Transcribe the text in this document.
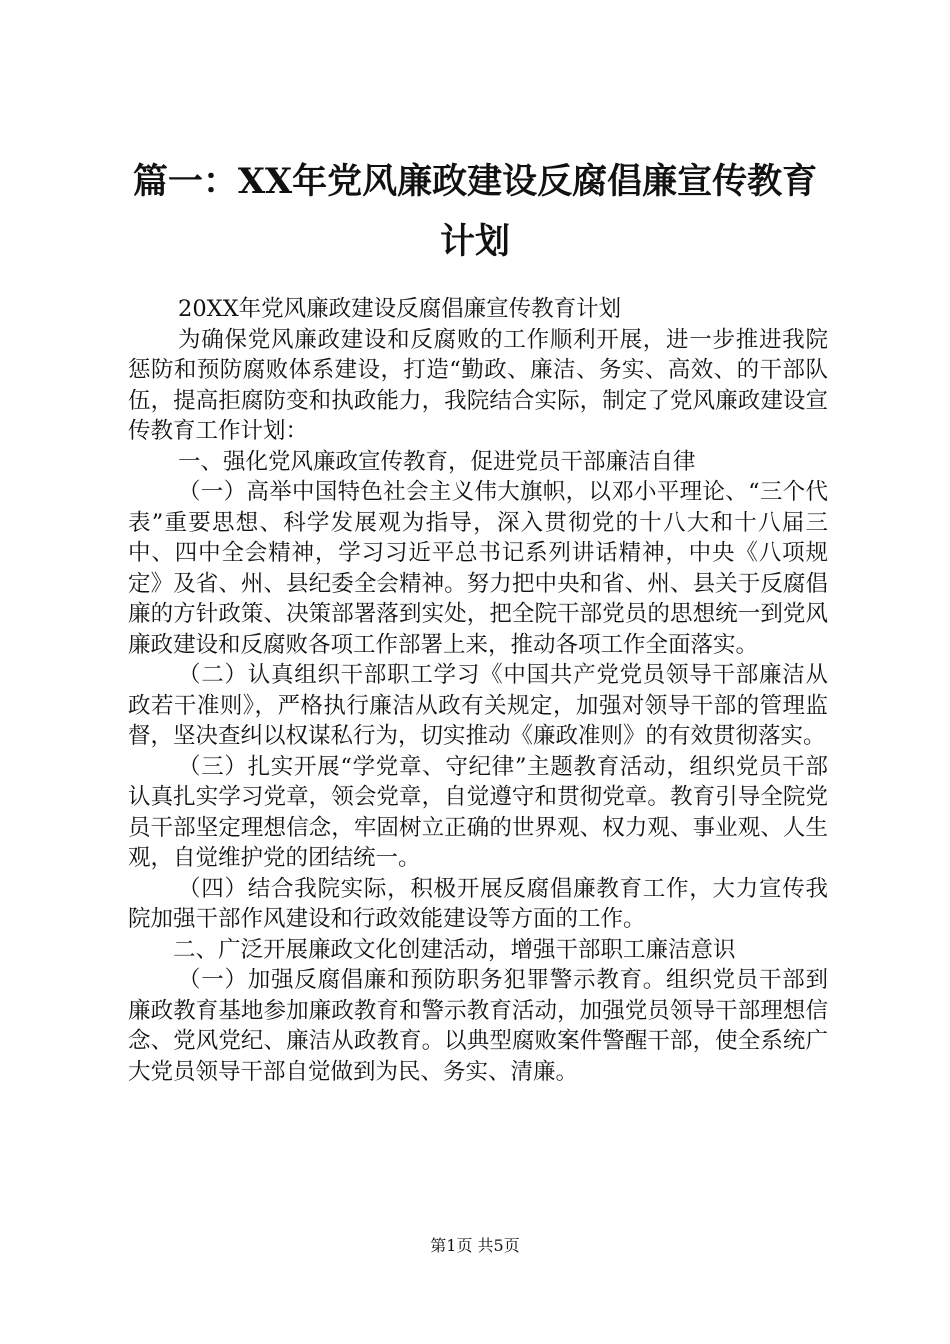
篇一：XX年党风廉政建设反腐倡廉宣传教育
计划

20XX年党风廉政建设反腐倡廉宣传教育计划

为确保党风廉政建设和反腐败的工作顺利开展，进一步推进我院惩防和预防腐败体系建设，打造“勤政、廉洁、务实、高效、的干部队伍，提高拒腐防变和执政能力，我院结合实际，制定了党风廉政建设宣传教育工作计划：

一、强化党风廉政宣传教育，促进党员干部廉洁自律

（一）高举中国特色社会主义伟大旗帜，以邓小平理论、“三个代表”重要思想、科学发展观为指导，深入贯彻党的十八大和十八届三中、四中全会精神，学习习近平总书记系列讲话精神，中央《八项规定》及省、州、县纪委全会精神。努力把中央和省、州、县关于反腐倡廉的方针政策、决策部署落到实处，把全院干部党员的思想统一到党风廉政建设和反腐败各项工作部署上来，推动各项工作全面落实。

（二）认真组织干部职工学习《中国共产党党员领导干部廉洁从政若干准则》，严格执行廉洁从政有关规定，加强对领导干部的管理监督，坚决查纠以权谋私行为，切实推动《廉政准则》的有效贯彻落实。

（三）扎实开展“学党章、守纪律”主题教育活动，组织党员干部认真扎实学习党章，领会党章，自觉遵守和贯彻党章。教育引导全院党员干部坚定理想信念，牢固树立正确的世界观、权力观、事业观、人生观，自觉维护党的团结统一。

（四）结合我院实际，积极开展反腐倡廉教育工作，大力宣传我院加强干部作风建设和行政效能建设等方面的工作。

二、广泛开展廉政文化创建活动，增强干部职工廉洁意识

（一）加强反腐倡廉和预防职务犯罪警示教育。组织党员干部到廉政教育基地参加廉政教育和警示教育活动，加强党员领导干部理想信念、党风党纪、廉洁从政教育。以典型腐败案件警醒干部，使全系统广大党员领导干部自觉做到为民、务实、清廉。

第1页 共5页
